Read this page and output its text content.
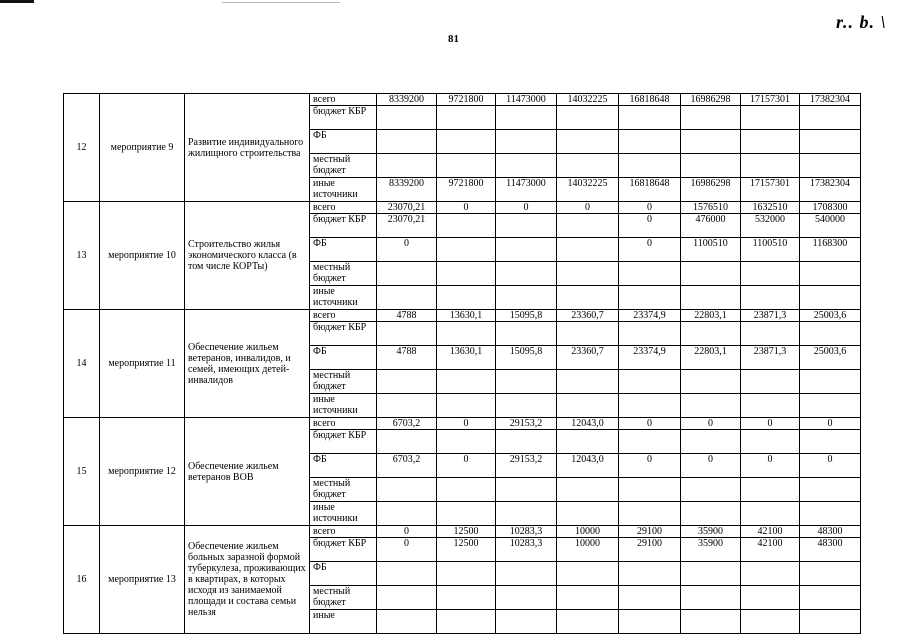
r.. b. \
81
12	мероприятие 9	Развитие индивидуального жилищного строительства	всего	8339200	9721800	11473000	14032225	16818648	16986298	17157301	17382304
			бюджет КБР								
			ФБ								
			местный бюджет								
			иные источники	8339200	9721800	11473000	14032225	16818648	16986298	17157301	17382304
13	мероприятие 10	Строительство жилья экономического класса (в том числе КОРТы)	всего	23070,21	0	0	0	0	1576510	1632510	1708300
			бюджет КБР	23070,21				0	476000	532000	540000
			ФБ	0				0	1100510	1100510	1168300
			местный бюджет								
			иные источники								
14	мероприятие 11	Обеспечение жильем ветеранов, инвалидов, и семей, имеющих детей-инвалидов	всего	4788	13630,1	15095,8	23360,7	23374,9	22803,1	23871,3	25003,6
			бюджет КБР								
			ФБ	4788	13630,1	15095,8	23360,7	23374,9	22803,1	23871,3	25003,6
			местный бюджет								
			иные источники								
15	мероприятие 12	Обеспечение жильем ветеранов ВОВ	всего	6703,2	0	29153,2	12043,0	0	0	0	0
			бюджет КБР								
			ФБ	6703,2	0	29153,2	12043,0	0	0	0	0
			местный бюджет								
			иные источники								
16	мероприятие 13	Обеспечение жильем больных заразной формой туберкулеза, проживающих в квартирах, в которых исходя из занимаемой площади и состава семьи нельзя	всего	0	12500	10283,3	10000	29100	35900	42100	48300
			бюджет КБР	0	12500	10283,3	10000	29100	35900	42100	48300
			ФБ								
			местный бюджет								
			иные								
